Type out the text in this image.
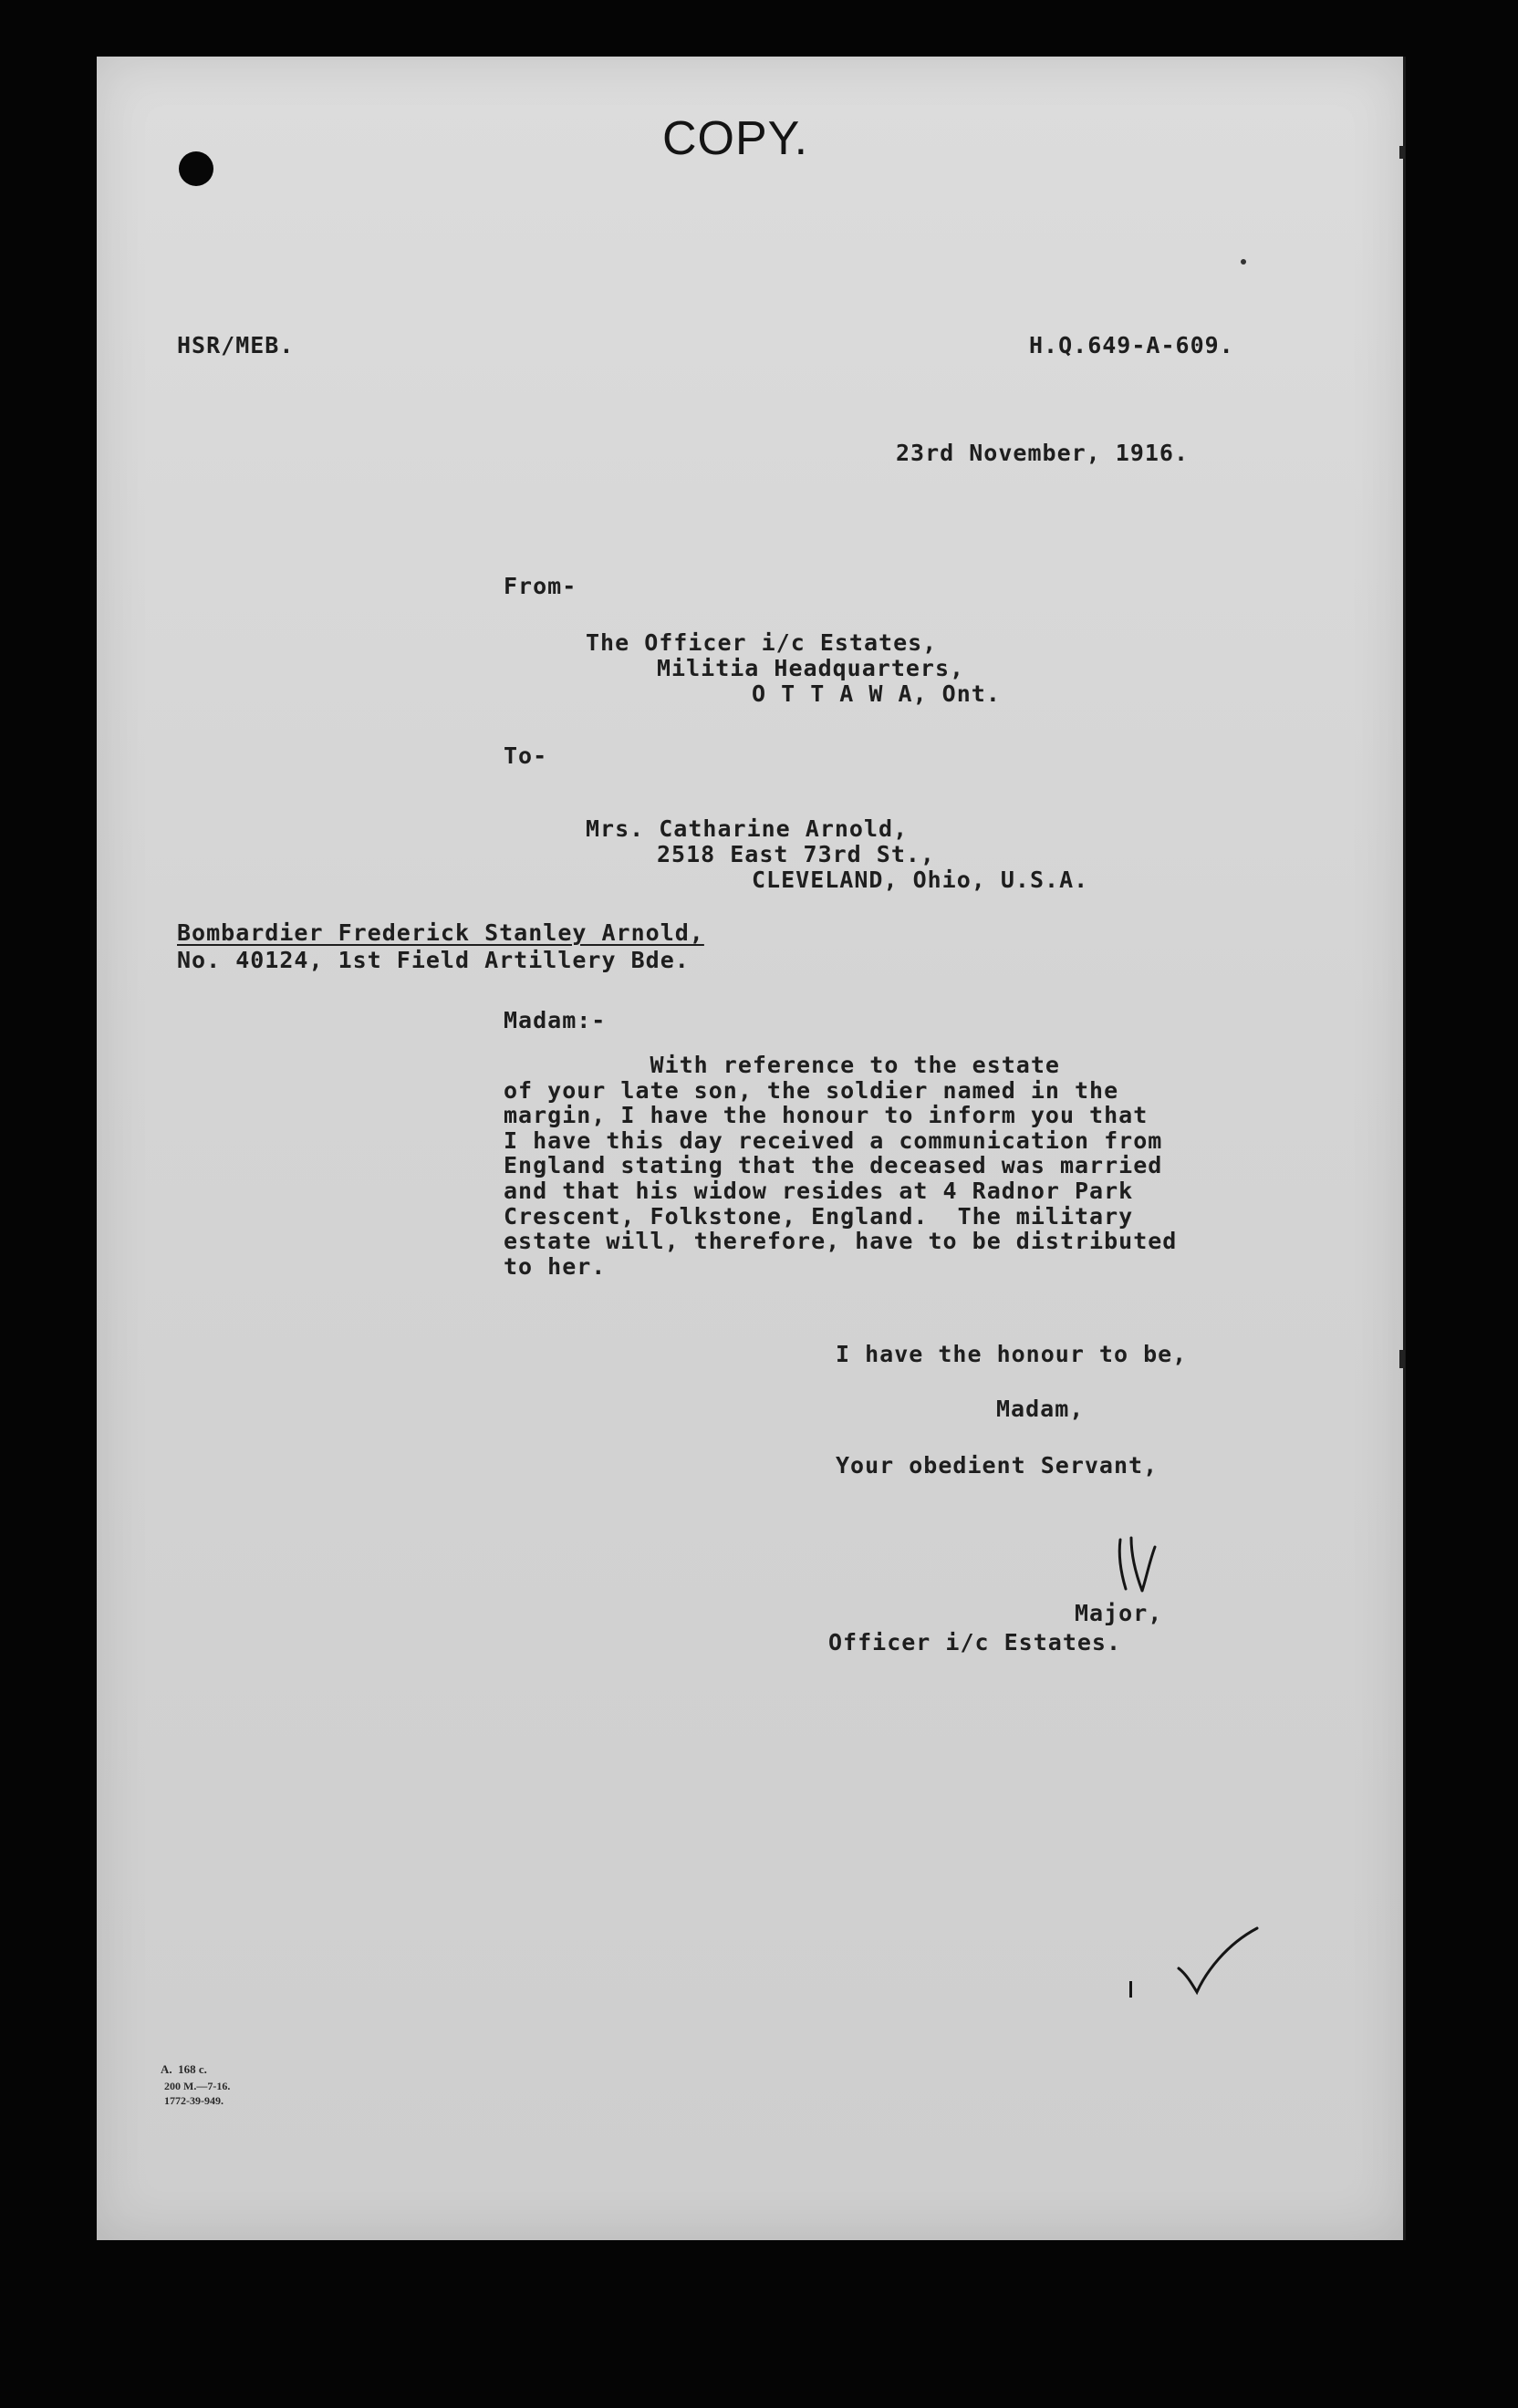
COPY.
HSR/MEB.	H.Q.649-A-609.
23rd November, 1916.
From-
The Officer i/c Estates,
Militia Headquarters,
O T T A W A, Ont.
To-
Mrs. Catharine Arnold,
2518 East 73rd St.,
CLEVELAND, Ohio, U.S.A.
Bombardier Frederick Stanley Arnold,
No. 40124, 1st Field Artillery Bde.
Madam:-
With reference to the estate
of your late son, the soldier named in the
margin, I have the honour to inform you that
I have this day received a communication from
England stating that the deceased was married
and that his widow resides at 4 Radnor Park
Crescent, Folkstone, England.  The military
estate will, therefore, have to be distributed
to her.
I have the honour to be,
Madam,
Your obedient Servant,
Major,
Officer i/c Estates.
A.  168 c.
200 M.—7-16.
1772-39-949.
